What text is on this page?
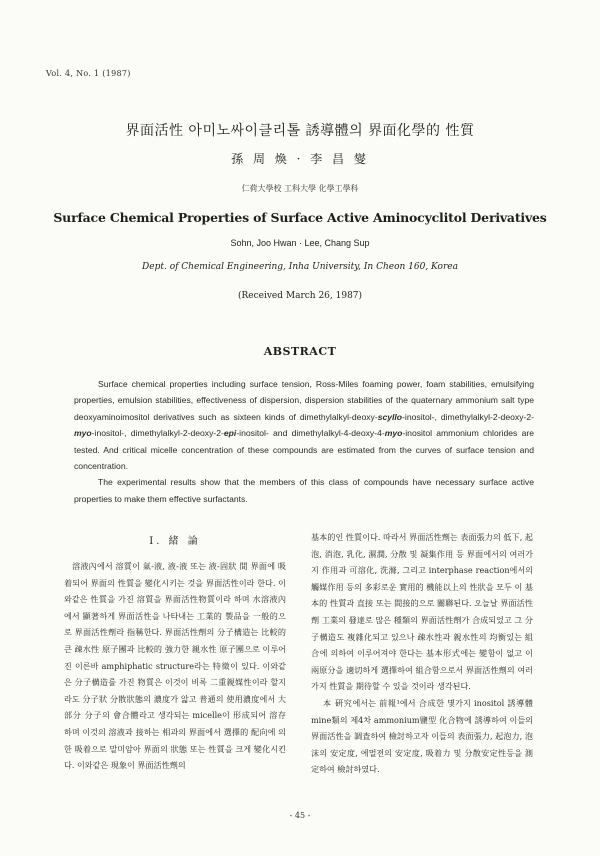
Vol. 4, No. 1 (1987)
界面活性 아미노싸이클리톨 誘導體의 界面化學的 性質
孫 周 煥 · 李 昌 燮
仁荷大學校 工科大學 化學工學科
Surface Chemical Properties of Surface Active Aminocyclitol Derivatives
Sohn, Joo Hwan · Lee, Chang Sup
Dept. of Chemical Engineering, Inha University, In Cheon 160, Korea
(Received March 26, 1987)
ABSTRACT

Surface chemical properties including surface tension, Ross-Miles foaming power, foam stabilities, emulsifying properties, emulsion stabilities, effectiveness of dispersion, dispersion stabilities of the quaternary ammonium salt type deoxyaminoimositol derivatives such as sixteen kinds of dimethylalkyl-deoxy-scyllo-inositol-, dimethylalkyl-2-deoxy-2-myo-inositol-, dimethylalkyl-2-deoxy-2-epi-inositol- and dimethylalkyl-4-deoxy-4-myo-inositol ammonium chlorides are tested. And critical micelle concentration of these compounds are estimated from the curves of surface tension and concentration.

The experimental results show that the members of this class of compounds have necessary surface active properties to make them effective surfactants.

溶液內에서 溶質이 氣-液, 液-液 또는 液-固狀 間 界面에 吸着되어 界面의 性質을 變化시키는 것을 界面活性이라 한다. 이와같은 性質을 가진 溶質을 界面活性物質이라 하며 水溶液內에서 顯著하게 界面活性을 나타내는 工業的 製品을 一般的으로 界面活性劑라 指稱한다. 界面活性劑의 分子構造는 比較的 큰 疎水性 原子團과 比較的 強力한 親水性 原子團으로 이루어진 이른바 amphiphatic structure라는 特徵이 있다. 이와같은 分子構造를 가진 物質은 이것이 비록 二重親媒性이라 할지라도 分子狀 分散狀態의 濃度가 앏고 普通의 使用濃度에서 大部分 分子의 會合體라고 생각되는 micelle이 形成되어 溶存 하며 이것의 溶液과 接하는 相과의 界面에서 選擇的 配向에 의한 吸着으로 말미암아 界面의 狀態 또는 性質을 크게 變化시킨다. 이와같은 現象이 界面活性劑의

I. 緒 論	基本的인 性質이다. 따라서 界面活性劑는 表面張力의 低下, 起泡, 消泡, 乳化, 濕潤, 分散 및 凝集作用 등 界面에서의 여러가지 作用과 可溶化, 洗滌, 그리고 interphase reaction에서의 觸媒作用 등의 多彩로운 實用的 機能以上의 性狀을 모두 이 基本的 性質과 直接 또는 間接的으로 關聯된다. 오늘날 界面活性劑 工業의 發達로 많은 種類의 界面活性劑가 合成되었고 그 分子構造도 複雜化되고 있으나 疎水性과 親水性의 均衡있는 組合에 의하여 이루어져야 한다는 基本形式에는 變함이 없고 이 兩原分을 適切하게 選擇하여 組合함으로서 界面活性劑의 여러가지 性質을 期待할 수 있을 것이라 생각된다.

本 硏究에서는 前報¹에서 合成한 몇가지 inositol 誘導體 mine類의 제4차 ammonium鹽型 化合物에 誘導하여 이들의 界面活性을 調査하여 檢討하고자 이들의 表面張力, 起泡力, 泡沫의 安定度, 에멀젼의 安定度, 吸着力 및 分散安定性등을 測定하여 檢討하였다.

- 45 -
